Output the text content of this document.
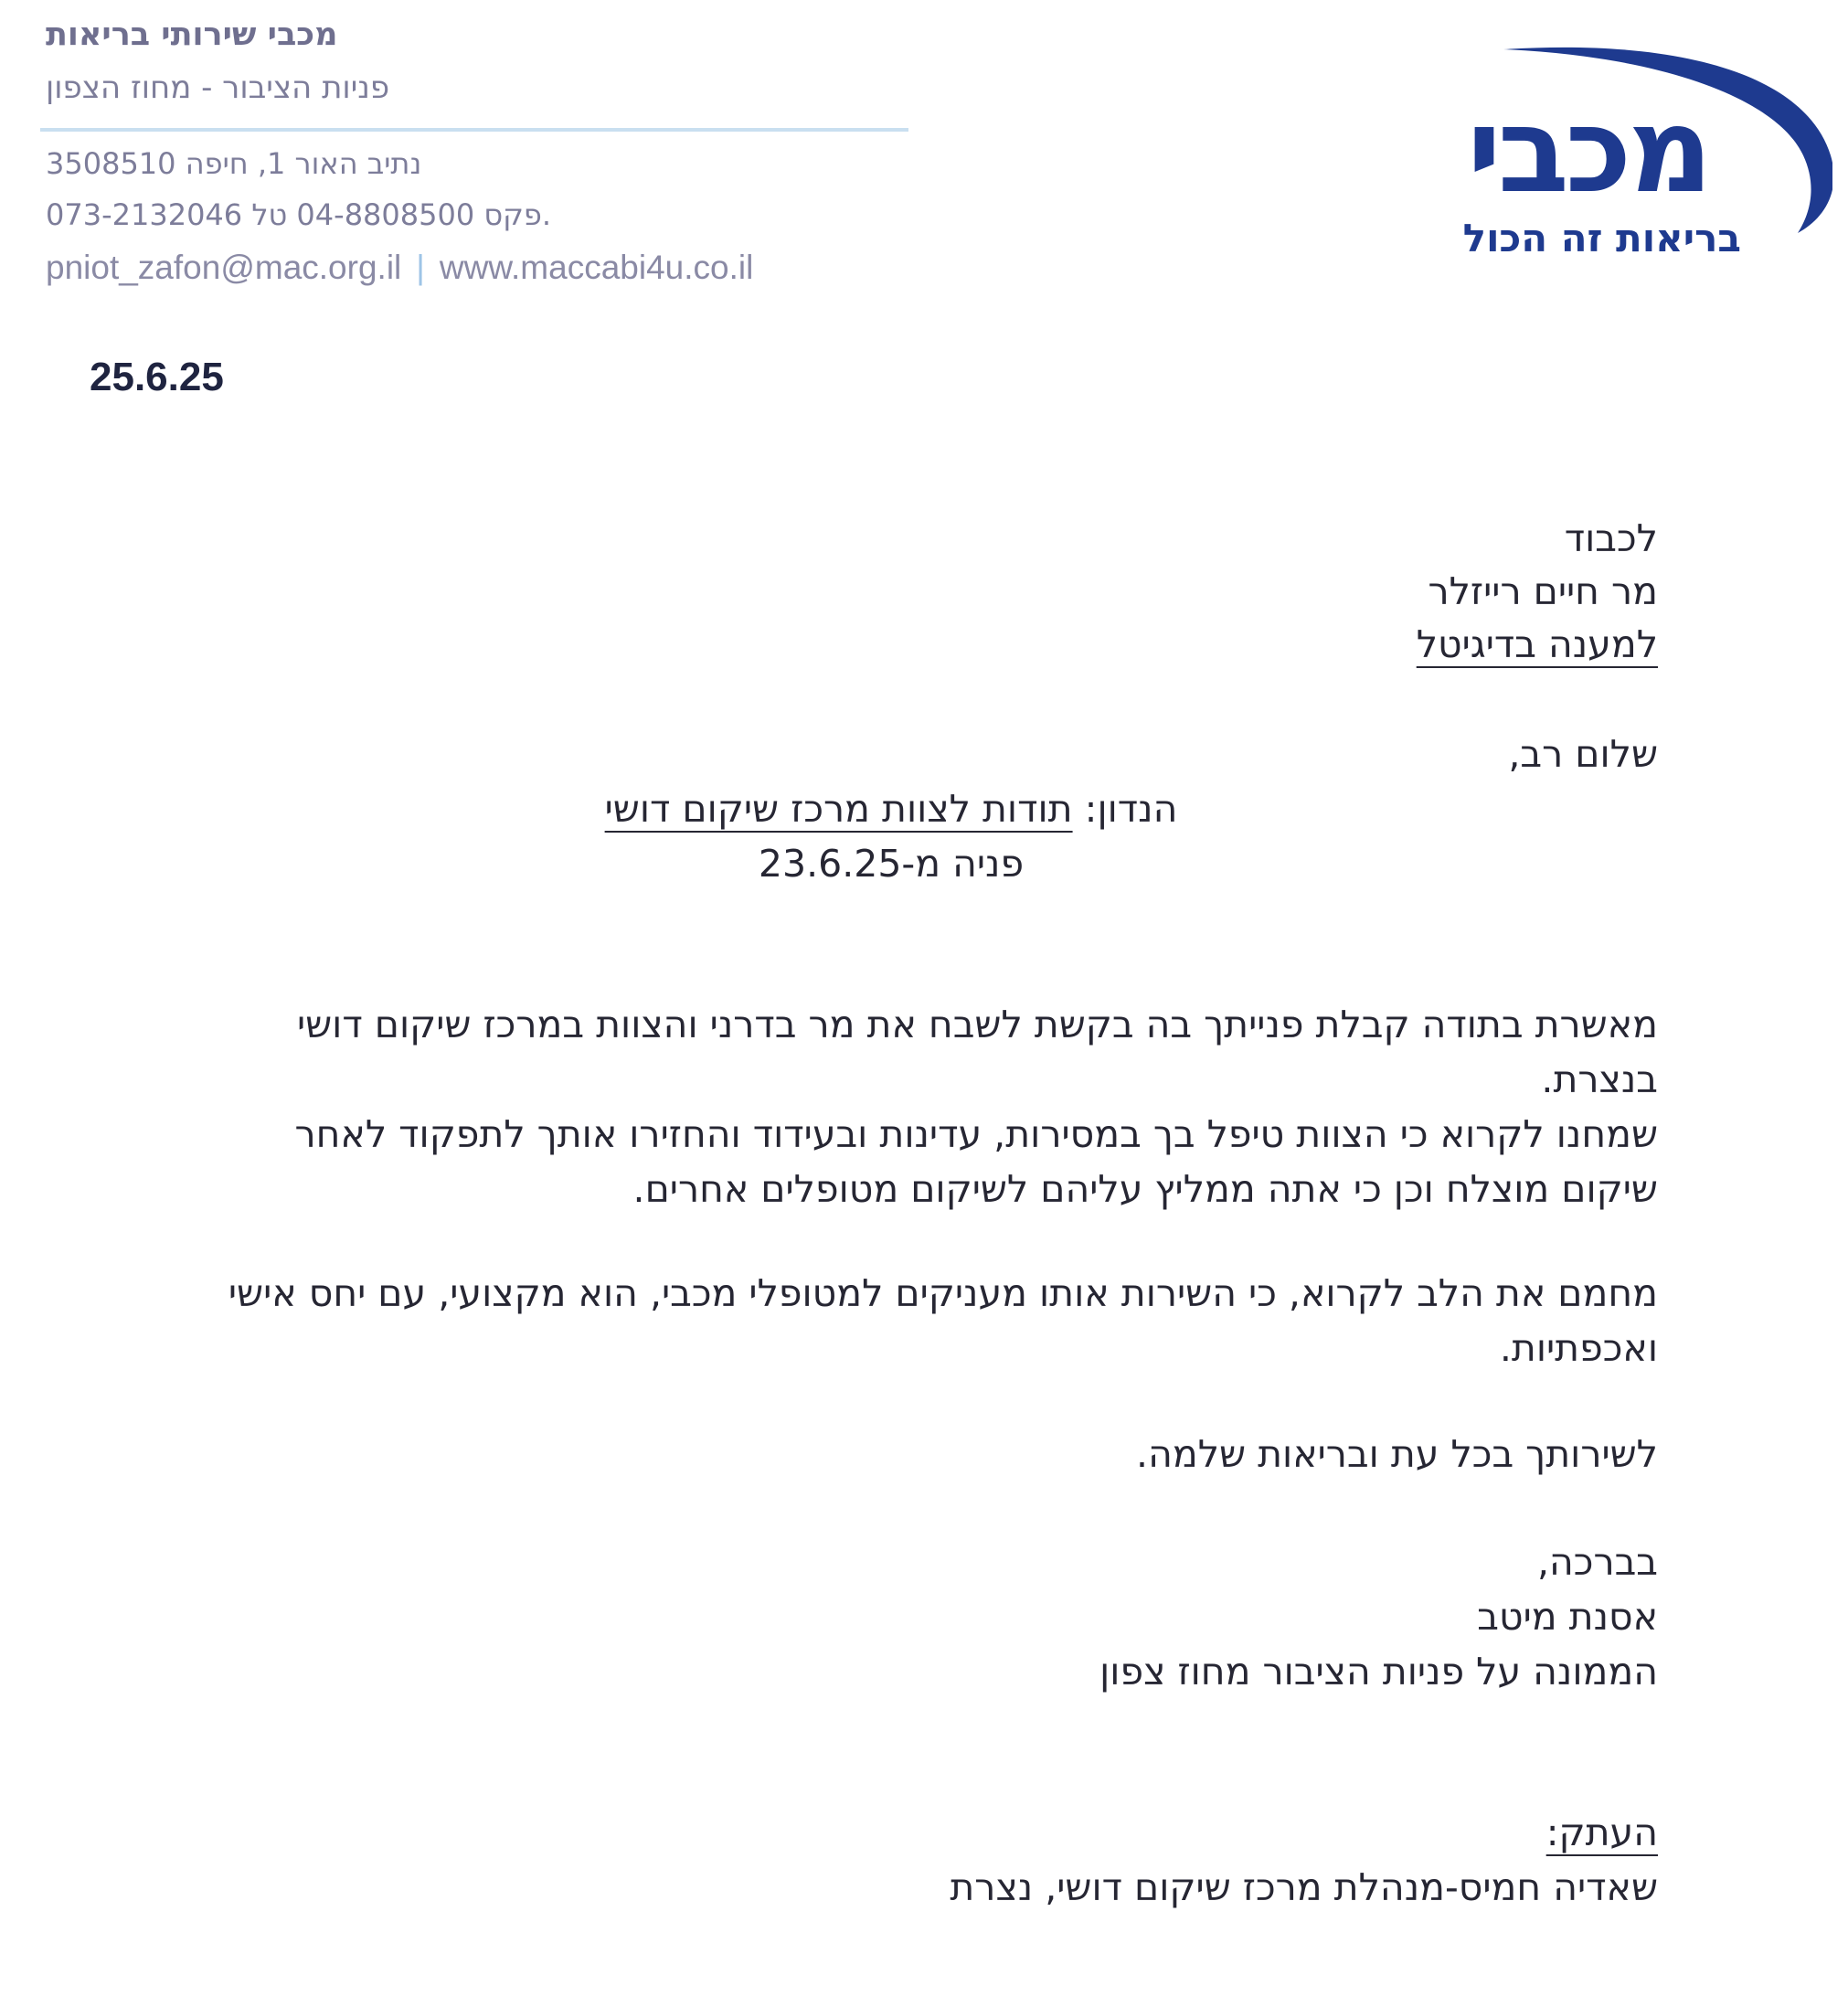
מכבי שירותי בריאות
פניות הציבור - מחוז הצפון
נתיב האור 1, חיפה 3508510
073-2132046 פקס 04-8808500 טל.
pniot_zafon@mac.org.il | www.maccabi4u.co.il
מכבי
בריאות זה הכול
25.6.25
לכבוד
מר חיים רייזלר
למענה בדיגיטל
שלום רב,
הנדון: תודות לצוות מרכז שיקום דושי
פניה מ-23.6.25
מאשרת בתודה קבלת פנייתך בה בקשת לשבח את מר בדרני והצוות במרכז שיקום דושי
בנצרת.
שמחנו לקרוא כי הצוות טיפל בך במסירות, עדינות ובעידוד והחזירו אותך לתפקוד לאחר
שיקום מוצלח וכן כי אתה ממליץ עליהם לשיקום מטופלים אחרים.
מחמם את הלב לקרוא, כי השירות אותו מעניקים למטופלי מכבי, הוא מקצועי, עם יחס אישי
ואכפתיות.
לשירותך בכל עת ובריאות שלמה.
בברכה,
אסנת מיטב
הממונה על פניות הציבור מחוז צפון
העתק:
שאדיה חמיס-מנהלת מרכז שיקום דושי, נצרת
